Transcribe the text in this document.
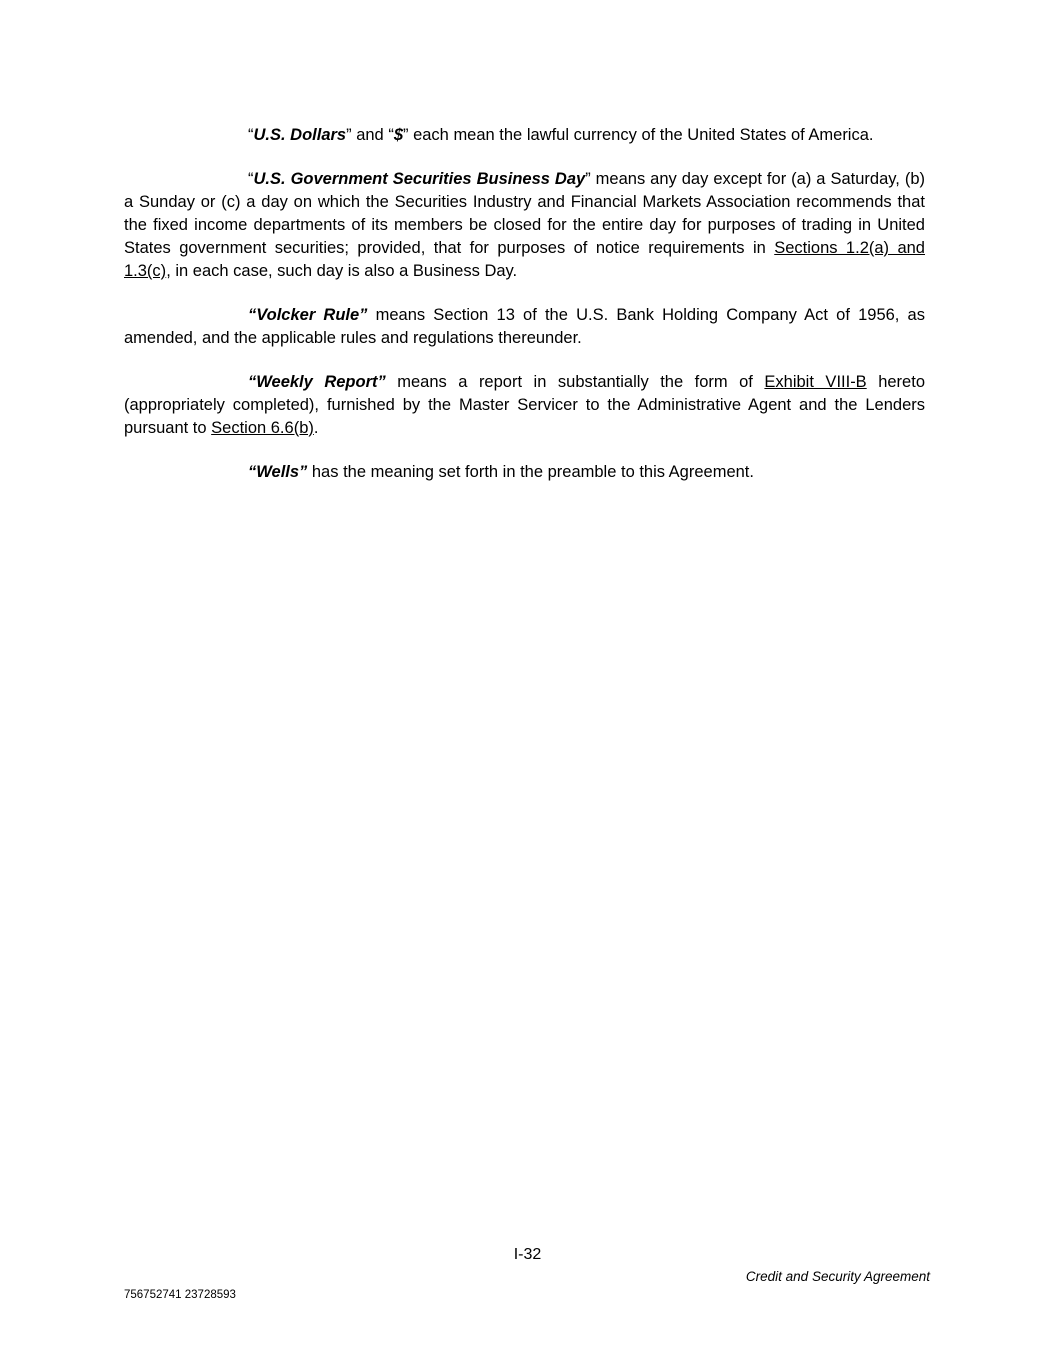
“U.S. Dollars” and “$” each mean the lawful currency of the United States of America.

“U.S. Government Securities Business Day” means any day except for (a) a Saturday, (b) a Sunday or (c) a day on which the Securities Industry and Financial Markets Association recommends that the fixed income departments of its members be closed for the entire day for purposes of trading in United States government securities; provided, that for purposes of notice requirements in Sections 1.2(a) and 1.3(c), in each case, such day is also a Business Day.

“Volcker Rule” means Section 13 of the U.S. Bank Holding Company Act of 1956, as amended, and the applicable rules and regulations thereunder.

“Weekly Report” means a report in substantially the form of Exhibit VIII-B hereto (appropriately completed), furnished by the Master Servicer to the Administrative Agent and the Lenders pursuant to Section 6.6(b).

“Wells” has the meaning set forth in the preamble to this Agreement.

I-32
Credit and Security Agreement
756752741 23728593
